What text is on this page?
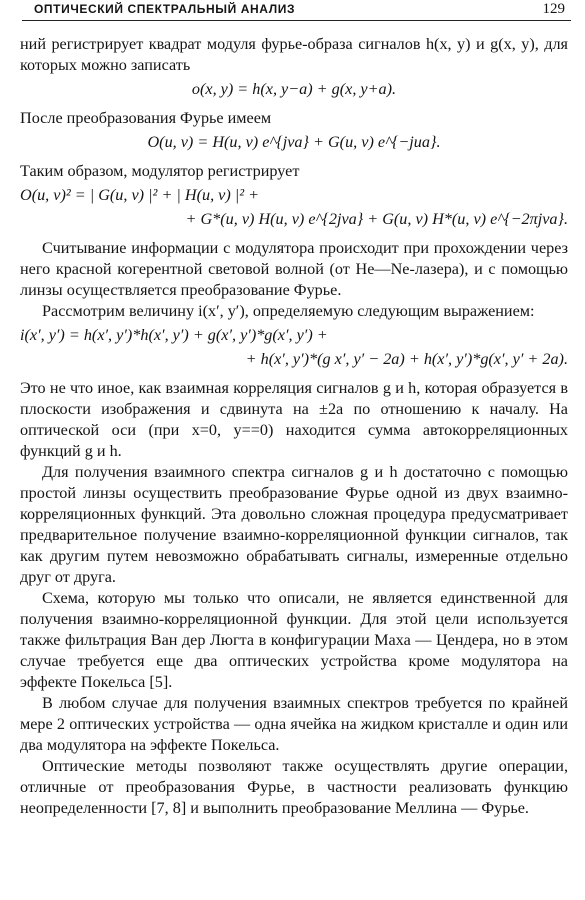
ОПТИЧЕСКИЙ СПЕКТРАЛЬНЫЙ АНАЛИЗ	129

ний регистрирует квадрат модуля фурье-образа сигналов h(x, y) и g(x, y), для которых можно записать

o(x, y) = h(x, y−a) + g(x, y+a).

После преобразования Фурье имеем

O(u, v) = H(u, v) e^{jva} + G(u, v) e^{−jua}.

Таким образом, модулятор регистрирует

O(u, v)² = | G(u, v) |² + | H(u, v) |² +
+ G*(u, v) H(u, v) e^{2jva} + G(u, v) H*(u, v) e^{−2πjva}.

Считывание информации с модулятора происходит при прохождении через него красной когерентной световой волной (от He—Ne-лазера), и с помощью линзы осуществляется преобразование Фурье.

Рассмотрим величину i(x′, y′), определяемую следующим выражением:

i(x′, y′) = h(x′, y′)*h(x′, y′) + g(x′, y′)*g(x′, y′) +
+ h(x′, y′)*(g x′, y′ − 2a) + h(x′, y′)*g(x′, y′ + 2a).

Это не что иное, как взаимная корреляция сигналов g и h, которая образуется в плоскости изображения и сдвинута на ±2a по отношению к началу. На оптической оси (при x=0, y==0) находится сумма автокорреляционных функций g и h.

Для получения взаимного спектра сигналов g и h достаточно с помощью простой линзы осуществить преобразование Фурье одной из двух взаимно-корреляционных функций. Эта довольно сложная процедура предусматривает предварительное получение взаимно-корреляционной функции сигналов, так как другим путем невозможно обрабатывать сигналы, измеренные отдельно друг от друга.

Схема, которую мы только что описали, не является единственной для получения взаимно-корреляционной функции. Для этой цели используется также фильтрация Ван дер Люгта в конфигурации Маха — Цендера, но в этом случае требуется еще два оптических устройства кроме модулятора на эффекте Покельса [5].

В любом случае для получения взаимных спектров требуется по крайней мере 2 оптических устройства — одна ячейка на жидком кристалле и один или два модулятора на эффекте Покельса.

Оптические методы позволяют также осуществлять другие операции, отличные от преобразования Фурье, в частности реализовать функцию неопределенности [7, 8] и выполнить преобразование Меллина — Фурье.
